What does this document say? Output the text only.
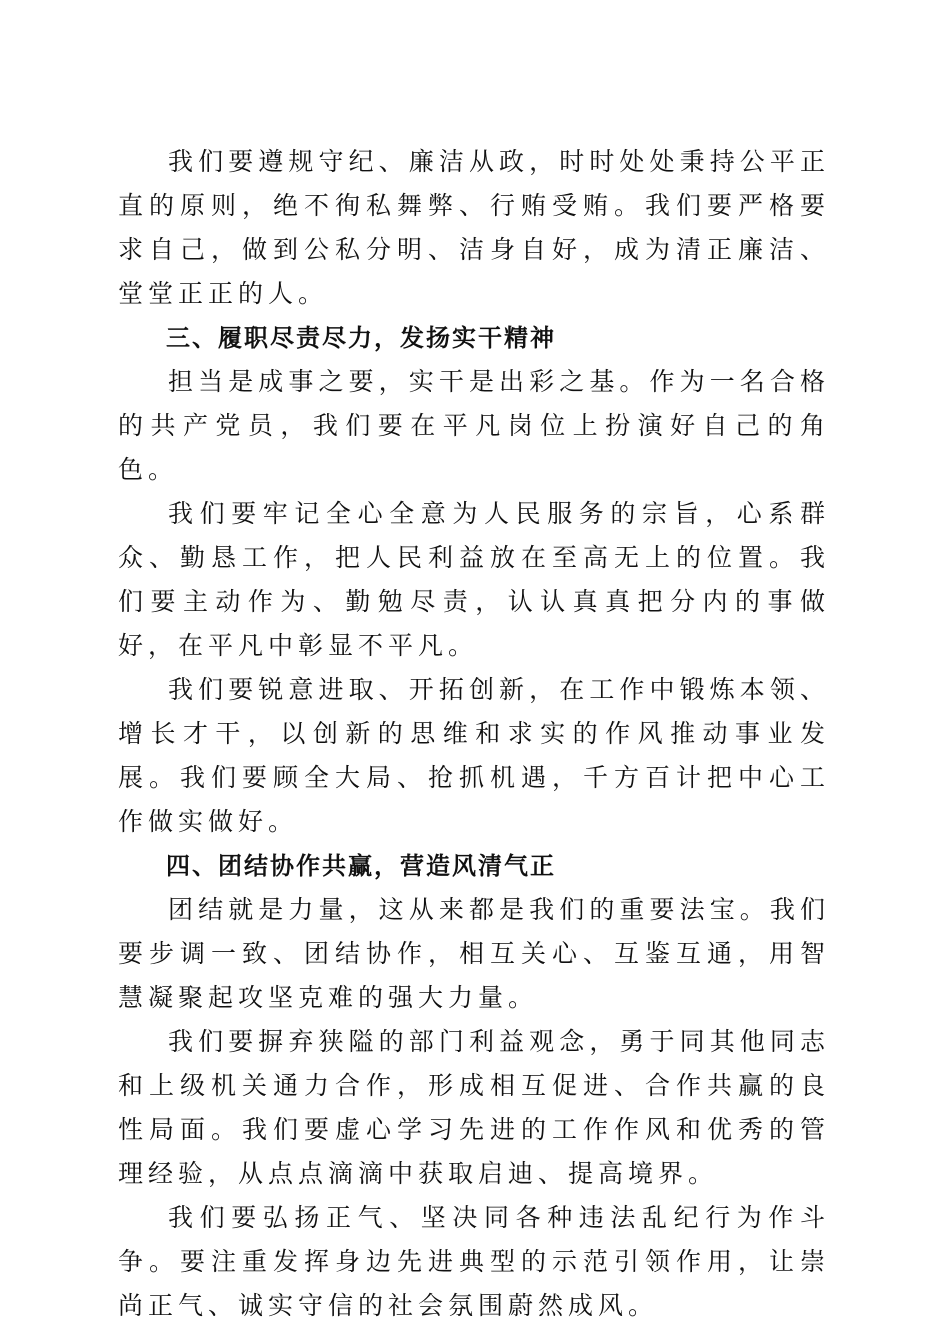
我们要遵规守纪、廉洁从政，时时处处秉持公平正直的原则，绝不徇私舞弊、行贿受贿。我们要严格要求自己，做到公私分明、洁身自好，成为清正廉洁、堂堂正正的人。

三、履职尽责尽力，发扬实干精神

担当是成事之要，实干是出彩之基。作为一名合格的共产党员，我们要在平凡岗位上扮演好自己的角色。

我们要牢记全心全意为人民服务的宗旨，心系群众、勤恳工作，把人民利益放在至高无上的位置。我们要主动作为、勤勉尽责，认认真真把分内的事做好，在平凡中彰显不平凡。

我们要锐意进取、开拓创新，在工作中锻炼本领、增长才干，以创新的思维和求实的作风推动事业发展。我们要顾全大局、抢抓机遇，千方百计把中心工作做实做好。

四、团结协作共赢，营造风清气正

团结就是力量，这从来都是我们的重要法宝。我们要步调一致、团结协作，相互关心、互鉴互通，用智慧凝聚起攻坚克难的强大力量。

我们要摒弃狭隘的部门利益观念，勇于同其他同志和上级机关通力合作，形成相互促进、合作共赢的良性局面。我们要虚心学习先进的工作作风和优秀的管理经验，从点点滴滴中获取启迪、提高境界。

我们要弘扬正气、坚决同各种违法乱纪行为作斗争。要注重发挥身边先进典型的示范引领作用，让崇尚正气、诚实守信的社会氛围蔚然成风。
